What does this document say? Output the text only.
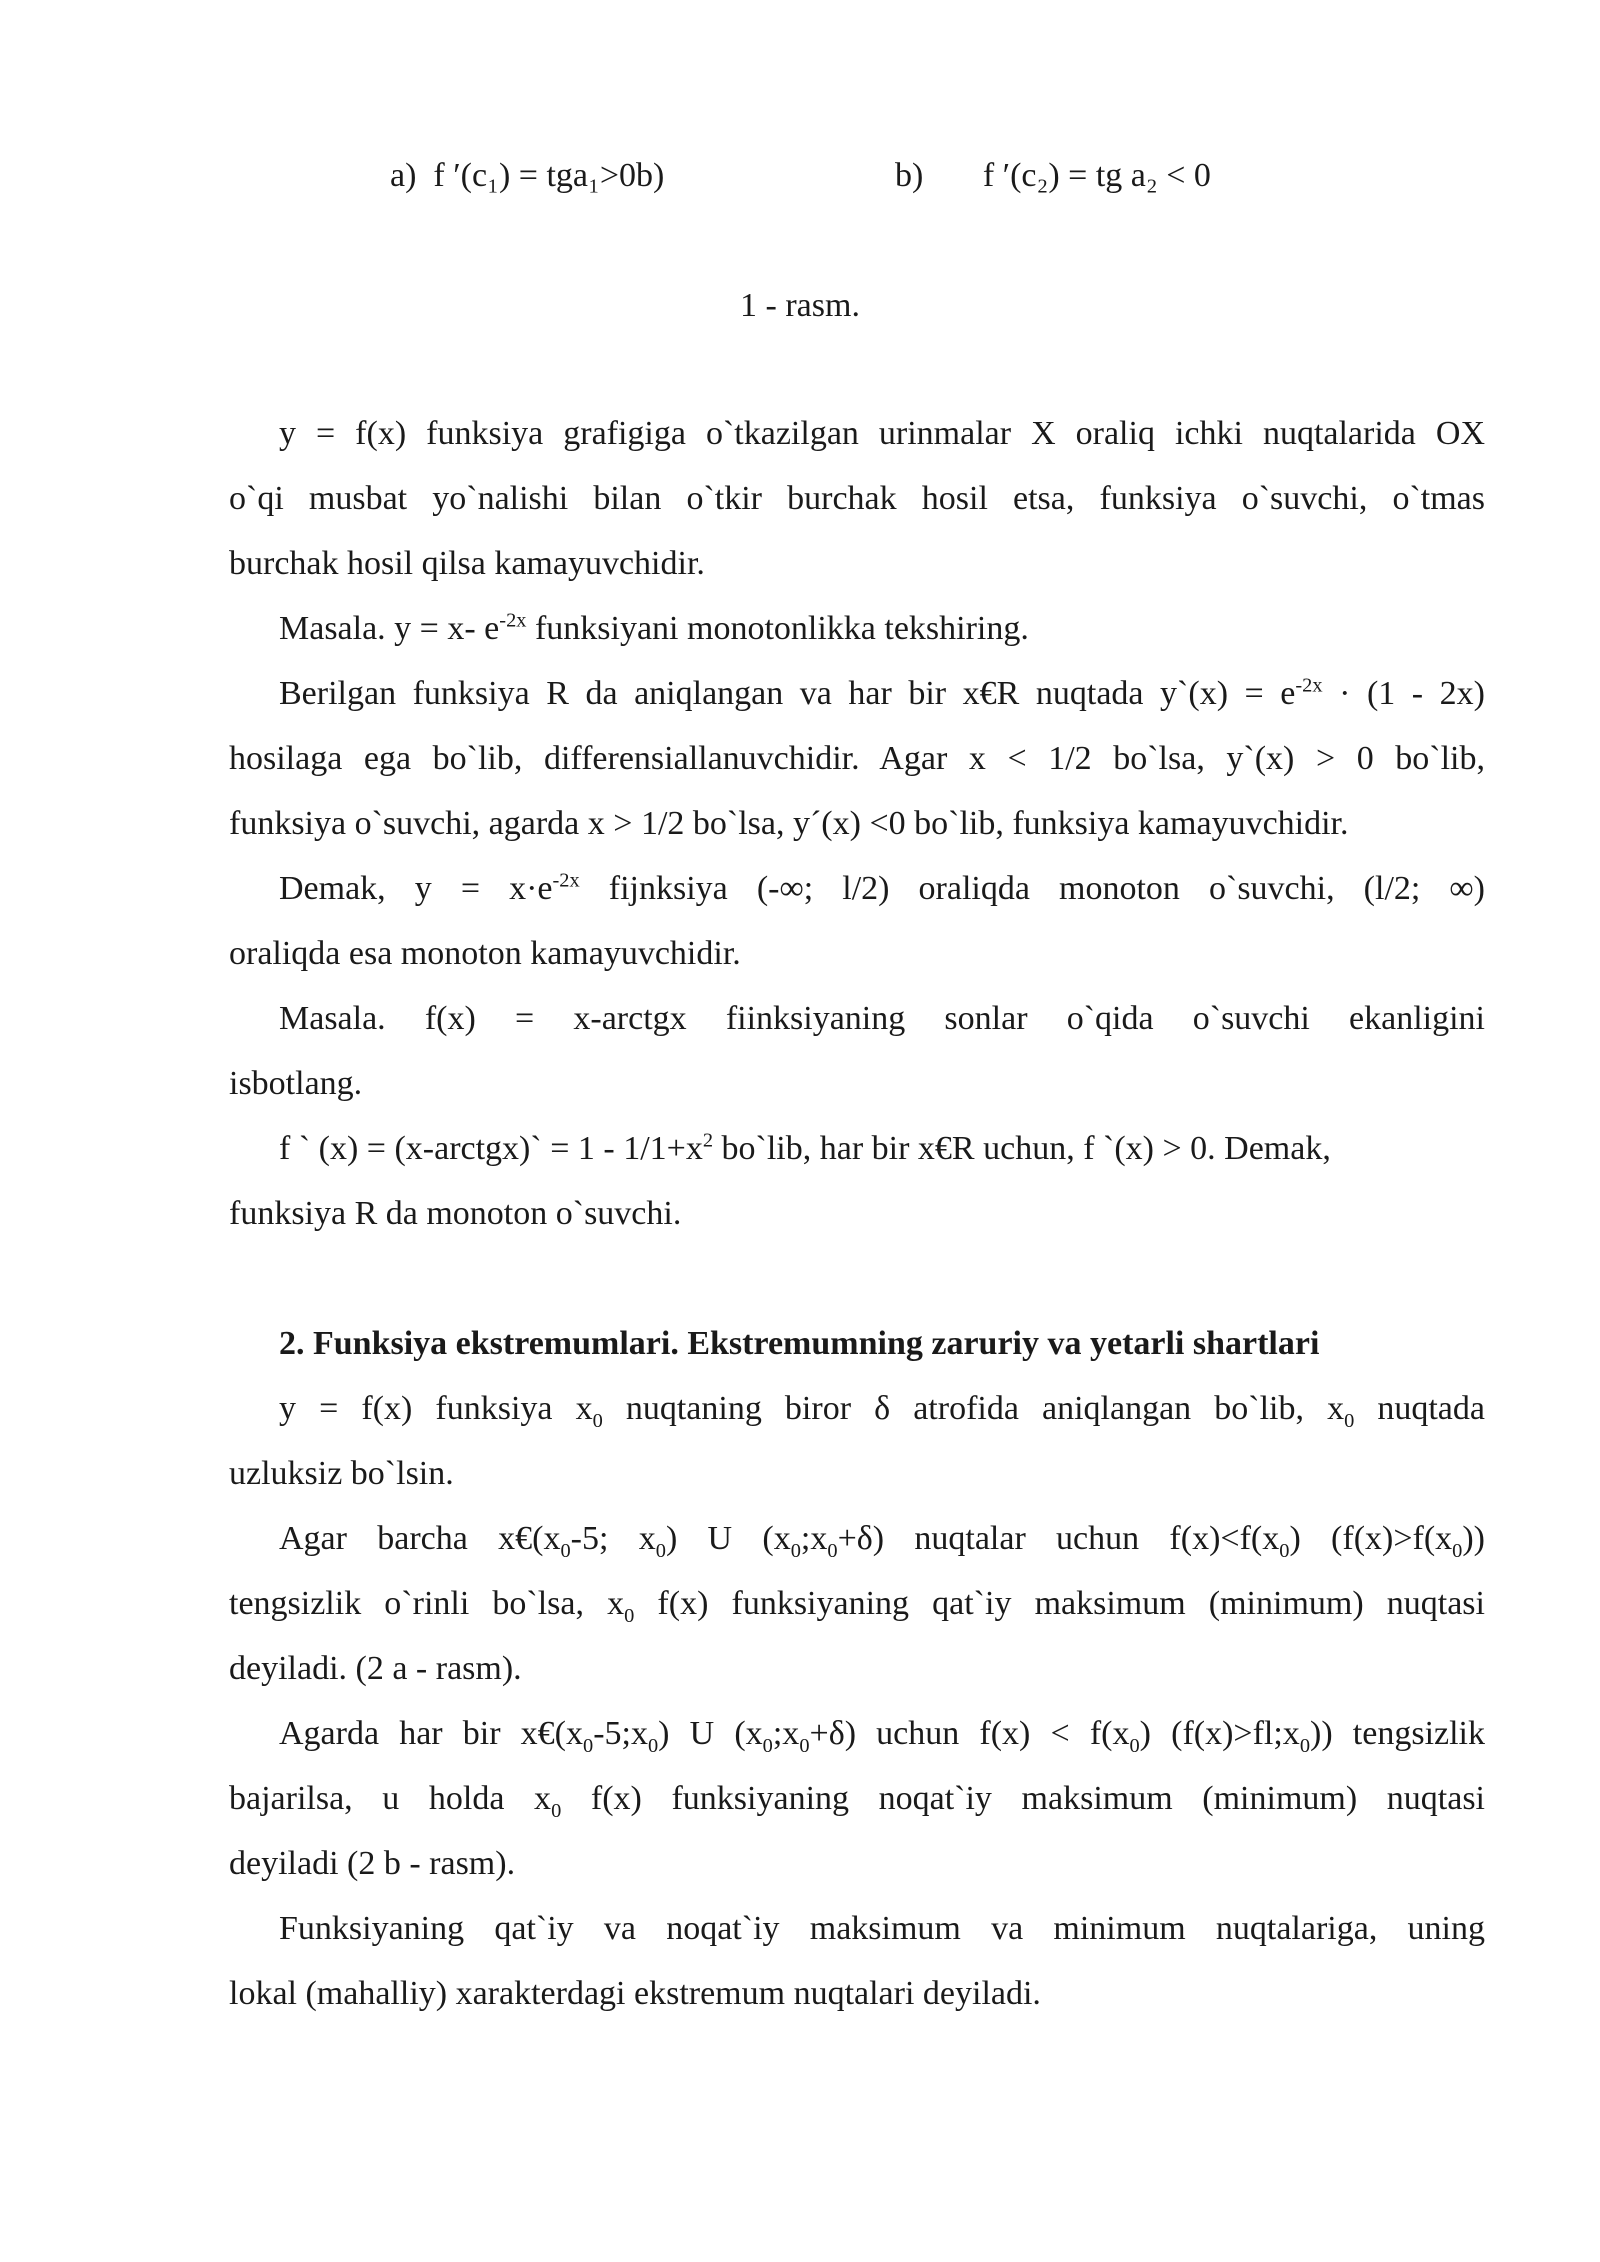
a) f ′(c₁) = tga₁>0b)	b) f ′(c₂) = tg a₂ < 0
1 - rasm.
y = f(x) funksiya grafigiga o`tkazilgan urinmalar X oraliq ichki nuqtalarida OX
o`qi musbat yo`nalishi bilan o`tkir burchak hosil etsa, funksiya o`suvchi, o`tmas
burchak hosil qilsa kamayuvchidir.
Masala. y = x- $e^{-2x}$ funksiyani monotonlikka tekshiring.
Berilgan funksiya R da aniqlangan va har bir x€R nuqtada y`(x) = $e^{-2x} \cdot (1 - 2x)$
hosilaga ega bo`lib, differensiallanuvchidir. Agar x < 1/2 bo`lsa, y`(x) > 0 bo`lib,
funksiya o`suvchi, agarda x > 1/2 bo`lsa, y´(x) <0 bo`lib, funksiya kamayuvchidir.
Demak, $y = x\cdot e^{-2x}$ fijnksiya (-∞; l/2) oraliqda monoton o`suvchi, (l/2; ∞)
oraliqda esa monoton kamayuvchidir.
Masala. f(x) = x-arctgx fiinksiyaning sonlar o`qida o`suvchi ekanligini
isbotlang.
f ` (x) = (x-arctgx)` = $1 - 1/1+x^2$ bo`lib, har bir x€R uchun, f `(x) > 0. Demak,
funksiya R da monoton o`suvchi.
2. Funksiya ekstremumlari. Ekstremumning zaruriy va yetarli shartlari
y = f(x) funksiya $x_0$ nuqtaning biror δ atrofida aniqlangan bo`lib, $x_0$ nuqtada
uzluksiz bo`lsin.
Agar barcha $x€(x_0-5$; $x_0$) U $(x_0;x_0+\delta)$ nuqtalar uchun $f(x)<f(x_0)$ $(f(x)>f(x_0))$
tengsizlik o`rinli bo`lsa, $x_0$ f(x) funksiyaning qat`iy maksimum (minimum) nuqtasi
deyiladi. (2 a - rasm).
Agarda har bir $x€(x_0-5;x_0)$ U $(x_0;x_0+\delta)$ uchun $f(x) < f(x_0)$ $(f(x)>fl;x_0)$) tengsizlik
bajarilsa, u holda $x_0$ f(x) funksiyaning noqat`iy maksimum (minimum) nuqtasi
deyiladi (2 b - rasm).
Funksiyaning qat`iy va noqat`iy maksimum va minimum nuqtalariga, uning
lokal (mahalliy) xarakterdagi ekstremum nuqtalari deyiladi.
